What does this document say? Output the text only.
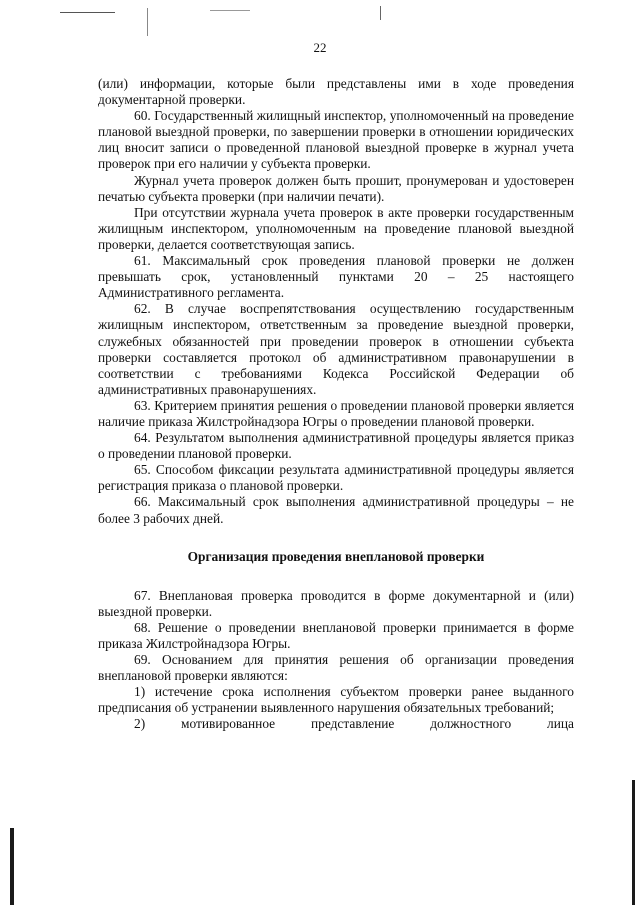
22

(или) информации, которые были представлены ими в ходе проведения документарной проверки.

60. Государственный жилищный инспектор, уполномоченный на проведение плановой выездной проверки, по завершении проверки в отношении юридических лиц вносит записи о проведенной плановой выездной проверке в журнал учета проверок при его наличии у субъекта проверки.

Журнал учета проверок должен быть прошит, пронумерован и удостоверен печатью субъекта проверки (при наличии печати).

При отсутствии журнала учета проверок в акте проверки государственным жилищным инспектором, уполномоченным на проведение плановой выездной проверки, делается соответствующая запись.

61. Максимальный срок проведения плановой проверки не должен превышать срок, установленный пунктами 20 – 25 настоящего Административного регламента.

62. В случае воспрепятствования осуществлению государственным жилищным инспектором, ответственным за проведение выездной проверки, служебных обязанностей при проведении проверок в отношении субъекта проверки составляется протокол об административном правонарушении в соответствии с требованиями Кодекса Российской Федерации об административных правонарушениях.

63. Критерием принятия решения о проведении плановой проверки является наличие приказа Жилстройнадзора Югры о проведении плановой проверки.

64. Результатом выполнения административной процедуры является приказ о проведении плановой проверки.

65. Способом фиксации результата административной процедуры является регистрация приказа о плановой проверки.

66. Максимальный срок выполнения административной процедуры – не более 3 рабочих дней.

Организация проведения внеплановой проверки

67. Внеплановая проверка проводится в форме документарной и (или) выездной проверки.

68. Решение о проведении внеплановой проверки принимается в форме приказа Жилстройнадзора Югры.

69. Основанием для принятия решения об организации проведения внеплановой проверки являются:

1) истечение срока исполнения субъектом проверки ранее выданного предписания об устранении выявленного нарушения обязательных требований;

2) мотивированное представление должностного лица
